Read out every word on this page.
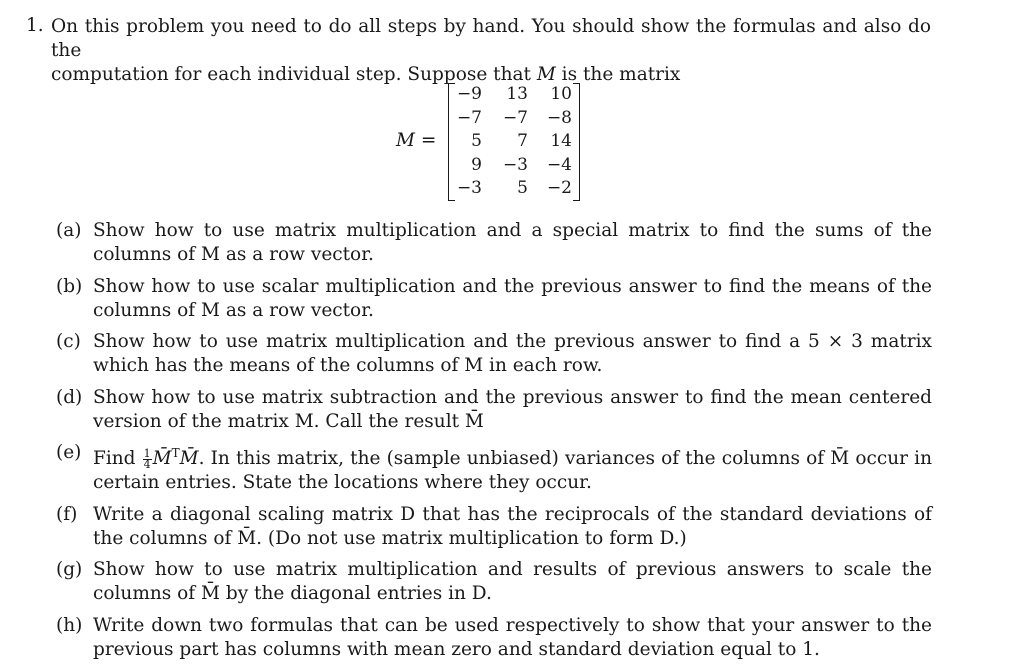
1. On this problem you need to do all steps by hand. You should show the formulas and also do the
computation for each individual step. Suppose that M is the matrix
M =
−9	13	10
−7	−7	−8
5	7	14
9	−3	−4
−3	5	−2
(a) Show how to use matrix multiplication and a special matrix to find the sums of the columns of M as a row vector.
(b) Show how to use scalar multiplication and the previous answer to find the means of the columns of M as a row vector.
(c) Show how to use matrix multiplication and the previous answer to find a 5 × 3 matrix which has the means of the columns of M in each row.
(d) Show how to use matrix subtraction and the previous answer to find the mean centered version of the matrix M. Call the result M̄
(e) Find $\frac{1}{4}$ M̄$^T$M̄. In this matrix, the (sample unbiased) variances of the columns of M̄ occur in certain entries. State the locations where they occur.
(f) Write a diagonal scaling matrix D that has the reciprocals of the standard deviations of the columns of M̄. (Do not use matrix multiplication to form D.)
(g) Show how to use matrix multiplication and results of previous answers to scale the columns of M̄ by the diagonal entries in D.
(h) Write down two formulas that can be used respectively to show that your answer to the previous part has columns with mean zero and standard deviation equal to 1.
